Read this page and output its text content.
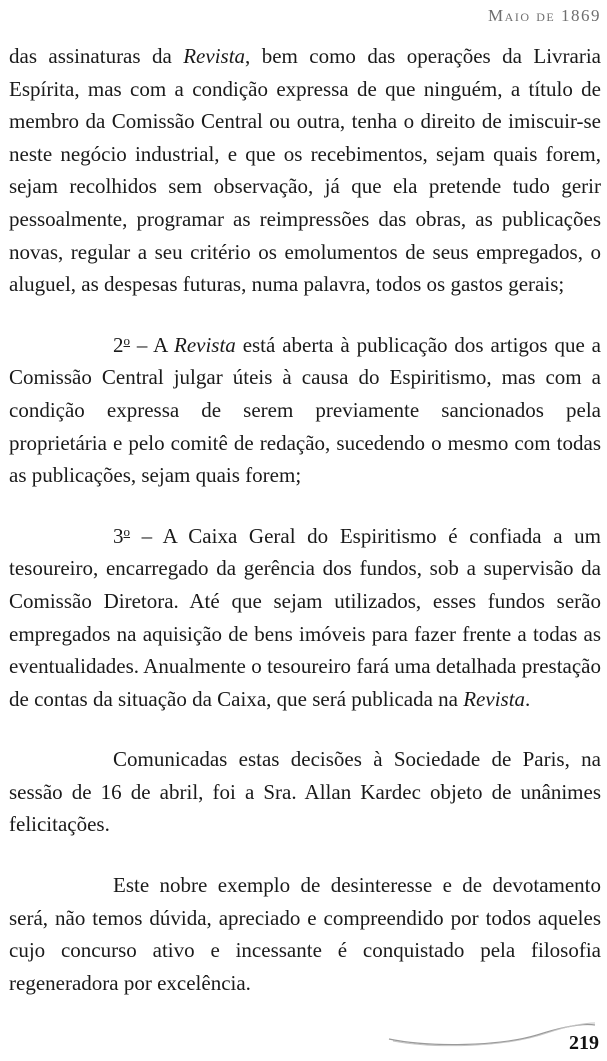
Maio de 1869

das assinaturas da Revista, bem como das operações da Livraria Espírita, mas com a condição expressa de que ninguém, a título de membro da Comissão Central ou outra, tenha o direito de imiscuir-se neste negócio industrial, e que os recebimentos, sejam quais forem, sejam recolhidos sem observação, já que ela pretende tudo gerir pessoalmente, programar as reimpressões das obras, as publicações novas, regular a seu critério os emolumentos de seus empregados, o aluguel, as despesas futuras, numa palavra, todos os gastos gerais;

2$^o$ – A Revista está aberta à publicação dos artigos que a Comissão Central julgar úteis à causa do Espiritismo, mas com a condição expressa de serem previamente sancionados pela proprietária e pelo comitê de redação, sucedendo o mesmo com todas as publicações, sejam quais forem;

3$^o$ – A Caixa Geral do Espiritismo é confiada a um tesoureiro, encarregado da gerência dos fundos, sob a supervisão da Comissão Diretora. Até que sejam utilizados, esses fundos serão empregados na aquisição de bens imóveis para fazer frente a todas as eventualidades. Anualmente o tesoureiro fará uma detalhada prestação de contas da situação da Caixa, que será publicada na Revista.

Comunicadas estas decisões à Sociedade de Paris, na sessão de 16 de abril, foi a Sra. Allan Kardec objeto de unânimes felicitações.

Este nobre exemplo de desinteresse e de devotamento será, não temos dúvida, apreciado e compreendido por todos aqueles cujo concurso ativo e incessante é conquistado pela filosofia regeneradora por excelência.

219
